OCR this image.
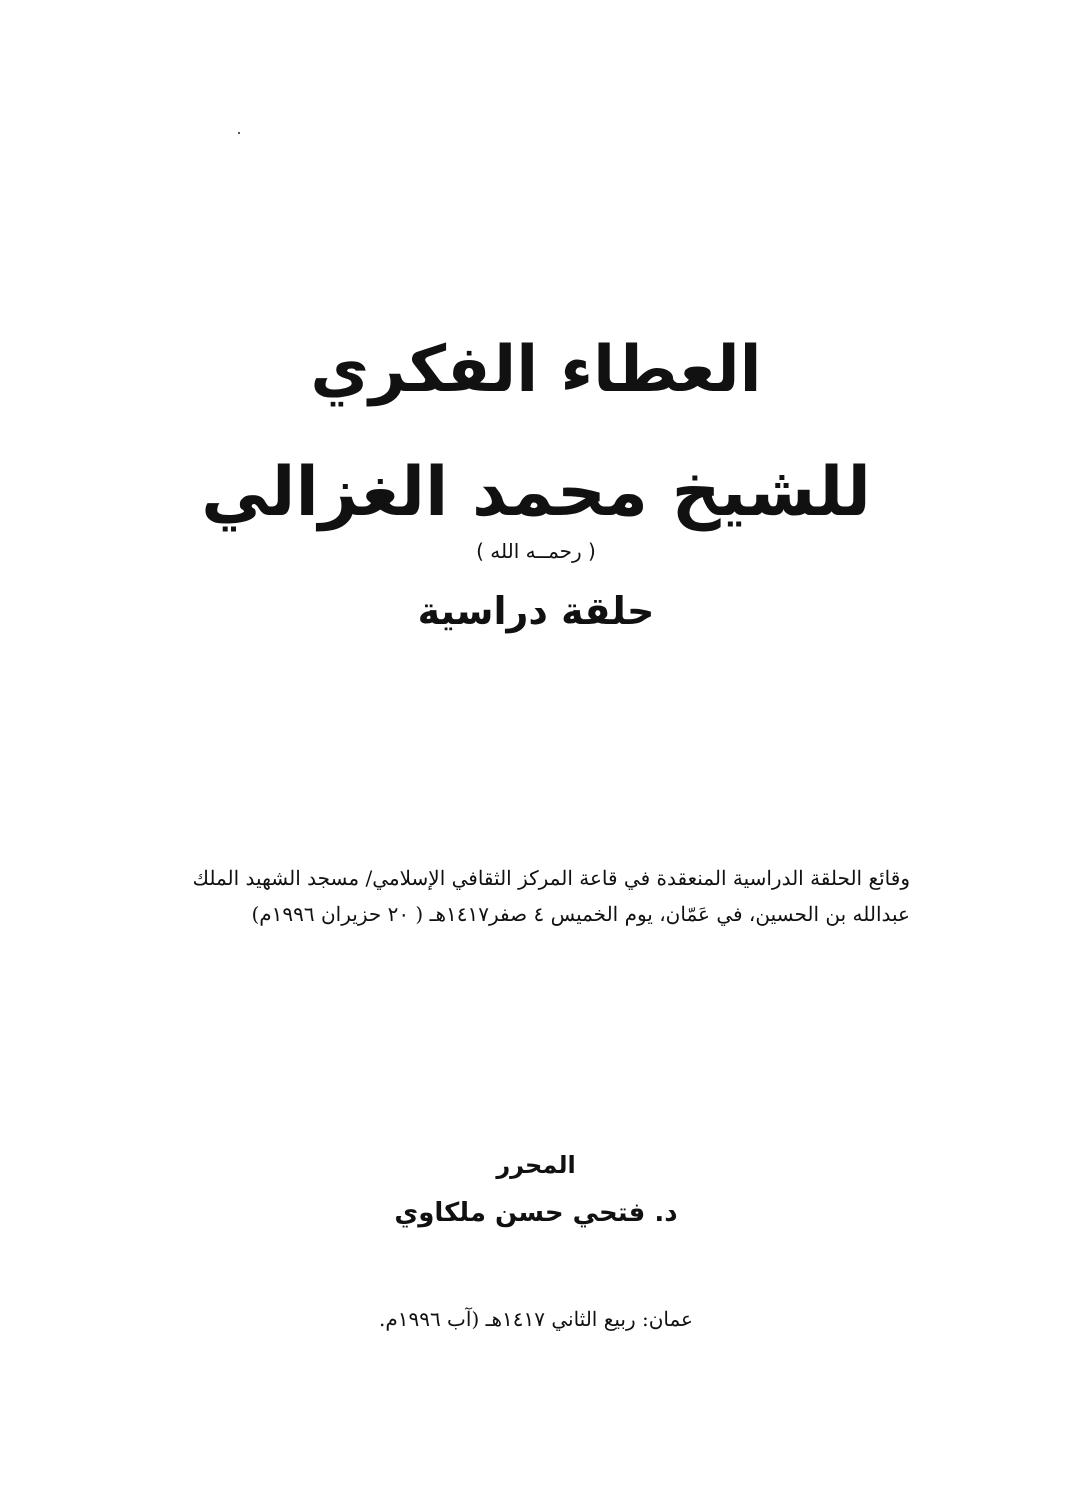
العطاء الفكري
للشيخ محمد الغزالي
( رحمــه الله )
حلقة دراسية
وقائع الحلقة الدراسية المنعقدة في قاعة المركز الثقافي الإسلامي/ مسجد الشهيد الملك عبدالله بن الحسين، في عَمّان، يوم الخميس ٤ صفر١٤١٧هـ ( ٢٠ حزيران ١٩٩٦م)
المحرر
د. فتحي حسن ملكاوي
عمان: ربيع الثاني ١٤١٧هـ (آب ١٩٩٦م.
